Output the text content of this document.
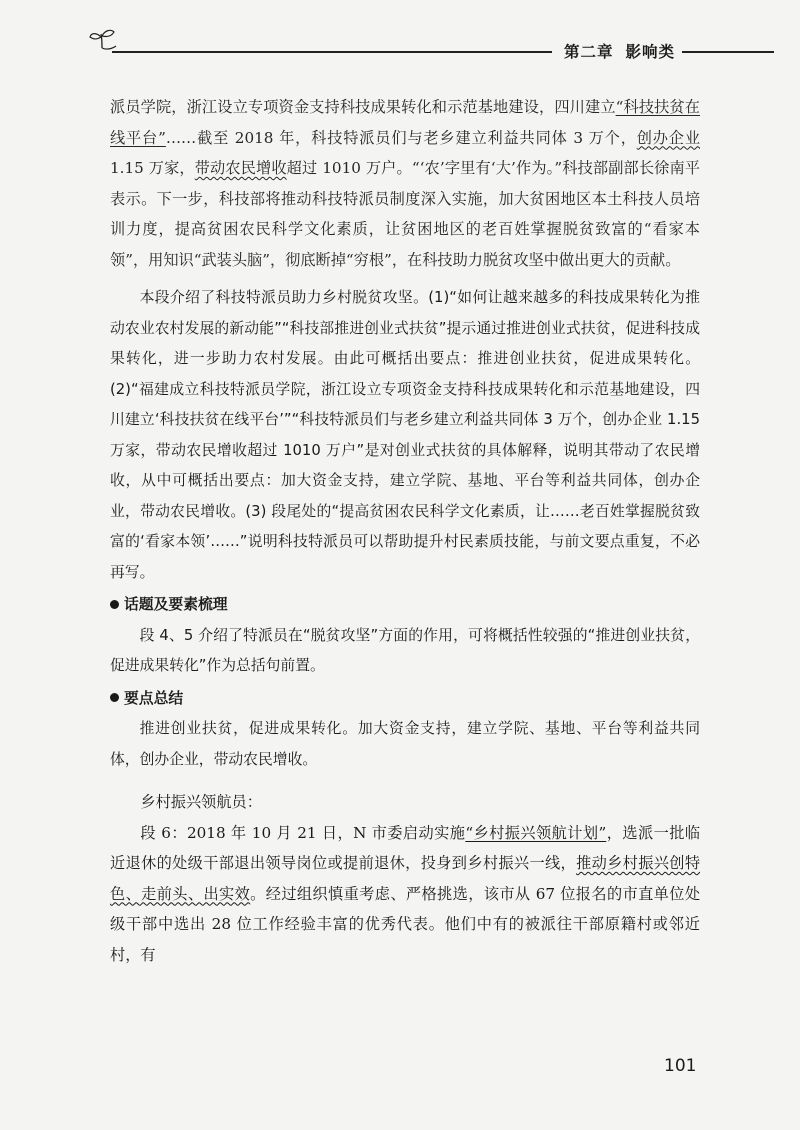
第二章 影响类

派员学院，浙江设立专项资金支持科技成果转化和示范基地建设，四川建立“科技扶贫在线平台”……截至 2018 年，科技特派员们与老乡建立利益共同体 3 万个，创办企业 1.15 万家，带动农民增收超过 1010 万户。“‘农’字里有‘大’作为。”科技部副部长徐南平表示。下一步，科技部将推动科技特派员制度深入实施，加大贫困地区本土科技人员培训力度，提高贫困农民科学文化素质，让贫困地区的老百姓掌握脱贫致富的“看家本领”，用知识“武装头脑”，彻底断掉“穷根”，在科技助力脱贫攻坚中做出更大的贡献。

本段介绍了科技特派员助力乡村脱贫攻坚。(1)“如何让越来越多的科技成果转化为推动农业农村发展的新动能”“科技部推进创业式扶贫”提示通过推进创业式扶贫，促进科技成果转化，进一步助力农村发展。由此可概括出要点：推进创业扶贫，促进成果转化。(2)“福建成立科技特派员学院，浙江设立专项资金支持科技成果转化和示范基地建设，四川建立‘科技扶贫在线平台’”“科技特派员们与老乡建立利益共同体 3 万个，创办企业 1.15 万家，带动农民增收超过 1010 万户”是对创业式扶贫的具体解释，说明其带动了农民增收，从中可概括出要点：加大资金支持，建立学院、基地、平台等利益共同体，创办企业，带动农民增收。(3) 段尾处的“提高贫困农民科学文化素质，让……老百姓掌握脱贫致富的‘看家本领’……”说明科技特派员可以帮助提升村民素质技能，与前文要点重复，不必再写。

话题及要素梳理

段 4、5 介绍了特派员在“脱贫攻坚”方面的作用，可将概括性较强的“推进创业扶贫，促进成果转化”作为总括句前置。

要点总结

推进创业扶贫，促进成果转化。加大资金支持，建立学院、基地、平台等利益共同体，创办企业，带动农民增收。

乡村振兴领航员：

段 6：2018 年 10 月 21 日，N 市委启动实施“乡村振兴领航计划”，选派一批临近退休的处级干部退出领导岗位或提前退休，投身到乡村振兴一线，推动乡村振兴创特色、走前头、出实效。经过组织慎重考虑、严格挑选，该市从 67 位报名的市直单位处级干部中选出 28 位工作经验丰富的优秀代表。他们中有的被派往干部原籍村或邻近村，有

101
